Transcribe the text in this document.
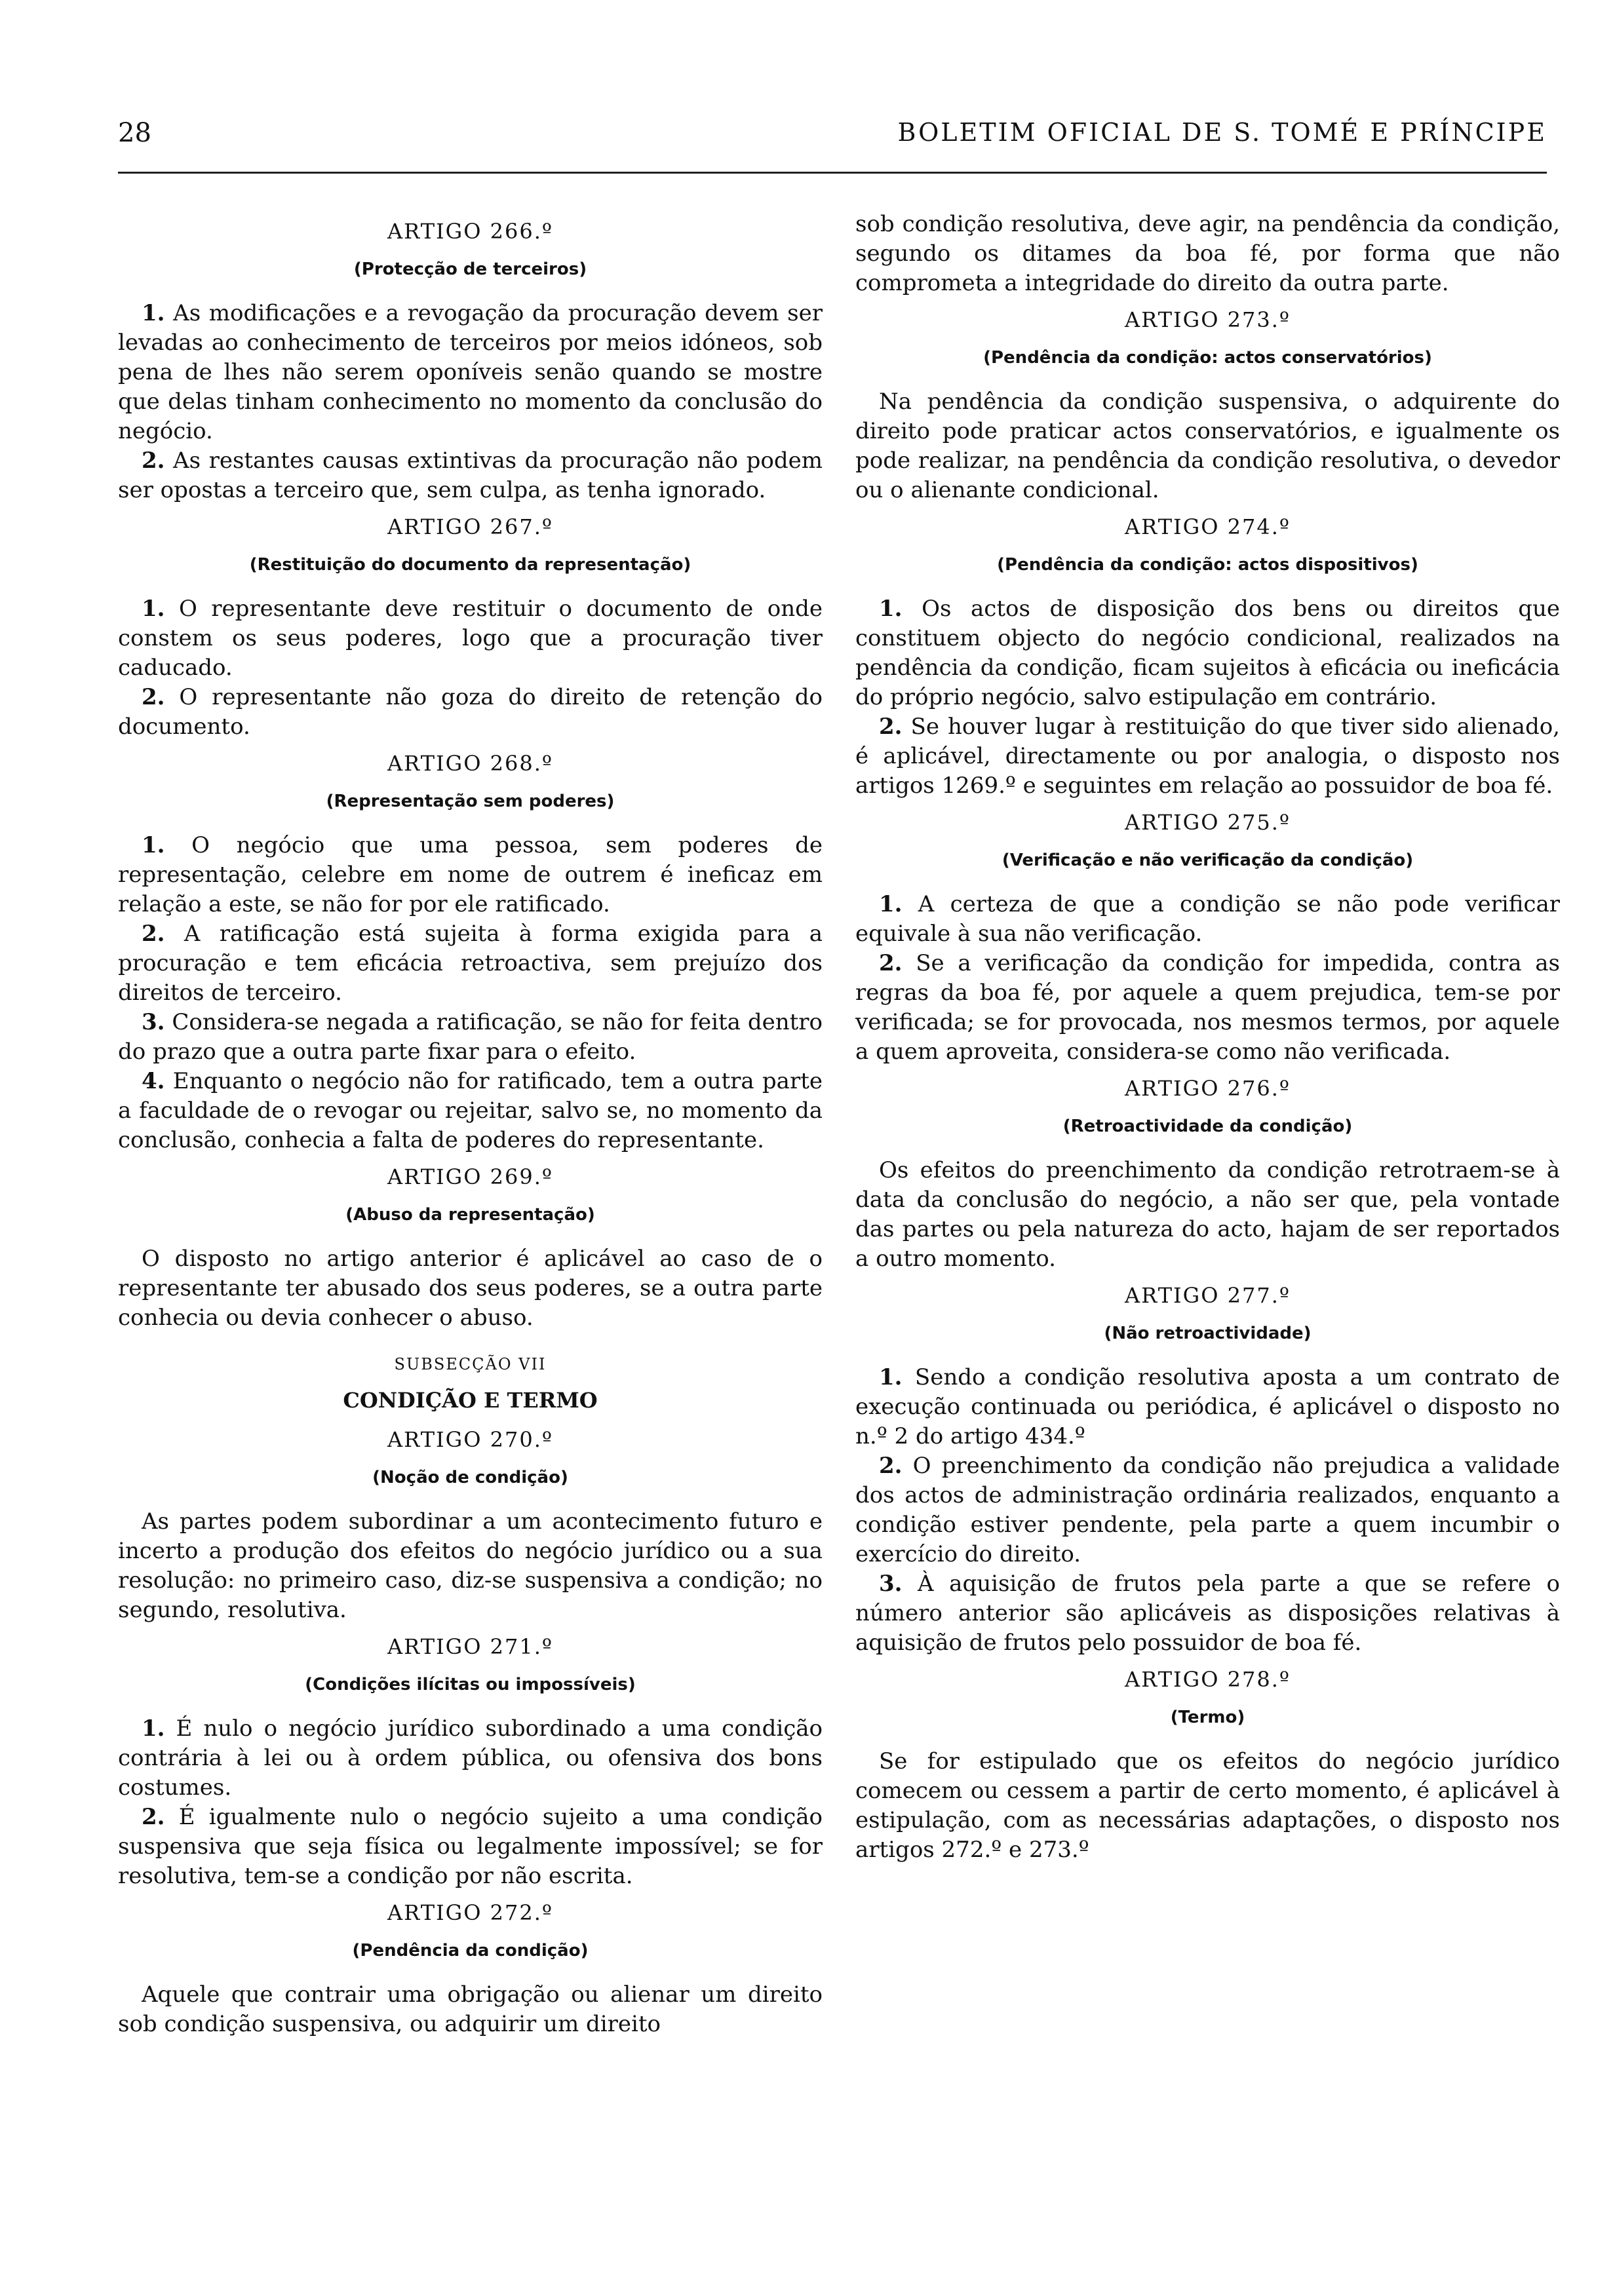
28	BOLETIM OFICIAL DE S. TOMÉ E PRÍNCIPE
ARTIGO 266.º
(Protecção de terceiros)

1. As modificações e a revogação da procuração devem ser levadas ao conhecimento de terceiros por meios idóneos, sob pena de lhes não serem oponíveis senão quando se mostre que delas tinham conhecimento no momento da conclusão do negócio.

2. As restantes causas extintivas da procuração não podem ser opostas a terceiro que, sem culpa, as tenha ignorado.

ARTIGO 267.º
(Restituição do documento da representação)

1. O representante deve restituir o documento de onde constem os seus poderes, logo que a procuração tiver caducado.

2. O representante não goza do direito de retenção do documento.

ARTIGO 268.º
(Representação sem poderes)

1. O negócio que uma pessoa, sem poderes de representação, celebre em nome de outrem é ineficaz em relação a este, se não for por ele ratificado.

2. A ratificação está sujeita à forma exigida para a procuração e tem eficácia retroactiva, sem prejuízo dos direitos de terceiro.

3. Considera-se negada a ratificação, se não for feita dentro do prazo que a outra parte fixar para o efeito.

4. Enquanto o negócio não for ratificado, tem a outra parte a faculdade de o revogar ou rejeitar, salvo se, no momento da conclusão, conhecia a falta de poderes do representante.

ARTIGO 269.º
(Abuso da representação)

O disposto no artigo anterior é aplicável ao caso de o representante ter abusado dos seus poderes, se a outra parte conhecia ou devia conhecer o abuso.

SUBSECÇÃO VII
CONDIÇÃO E TERMO
ARTIGO 270.º
(Noção de condição)

As partes podem subordinar a um acontecimento futuro e incerto a produção dos efeitos do negócio jurídico ou a sua resolução: no primeiro caso, diz-se suspensiva a condição; no segundo, resolutiva.

ARTIGO 271.º
(Condições ilícitas ou impossíveis)

1. É nulo o negócio jurídico subordinado a uma condição contrária à lei ou à ordem pública, ou ofensiva dos bons costumes.

2. É igualmente nulo o negócio sujeito a uma condição suspensiva que seja física ou legalmente impossível; se for resolutiva, tem-se a condição por não escrita.

ARTIGO 272.º
(Pendência da condição)

Aquele que contrair uma obrigação ou alienar um direito sob condição suspensiva, ou adquirir um direito

sob condição resolutiva, deve agir, na pendência da condição, segundo os ditames da boa fé, por forma que não comprometa a integridade do direito da outra parte.

ARTIGO 273.º
(Pendência da condição: actos conservatórios)

Na pendência da condição suspensiva, o adquirente do direito pode praticar actos conservatórios, e igualmente os pode realizar, na pendência da condição resolutiva, o devedor ou o alienante condicional.

ARTIGO 274.º
(Pendência da condição: actos dispositivos)

1. Os actos de disposição dos bens ou direitos que constituem objecto do negócio condicional, realizados na pendência da condição, ficam sujeitos à eficácia ou ineficácia do próprio negócio, salvo estipulação em contrário.

2. Se houver lugar à restituição do que tiver sido alienado, é aplicável, directamente ou por analogia, o disposto nos artigos 1269.º e seguintes em relação ao possuidor de boa fé.

ARTIGO 275.º
(Verificação e não verificação da condição)

1. A certeza de que a condição se não pode verificar equivale à sua não verificação.

2. Se a verificação da condição for impedida, contra as regras da boa fé, por aquele a quem prejudica, tem-se por verificada; se for provocada, nos mesmos termos, por aquele a quem aproveita, considera-se como não verificada.

ARTIGO 276.º
(Retroactividade da condição)

Os efeitos do preenchimento da condição retrotraem-se à data da conclusão do negócio, a não ser que, pela vontade das partes ou pela natureza do acto, hajam de ser reportados a outro momento.

ARTIGO 277.º
(Não retroactividade)

1. Sendo a condição resolutiva aposta a um contrato de execução continuada ou periódica, é aplicável o disposto no n.º 2 do artigo 434.º

2. O preenchimento da condição não prejudica a validade dos actos de administração ordinária realizados, enquanto a condição estiver pendente, pela parte a quem incumbir o exercício do direito.

3. À aquisição de frutos pela parte a que se refere o número anterior são aplicáveis as disposições relativas à aquisição de frutos pelo possuidor de boa fé.

ARTIGO 278.º
(Termo)

Se for estipulado que os efeitos do negócio jurídico comecem ou cessem a partir de certo momento, é aplicável à estipulação, com as necessárias adaptações, o disposto nos artigos 272.º e 273.º
